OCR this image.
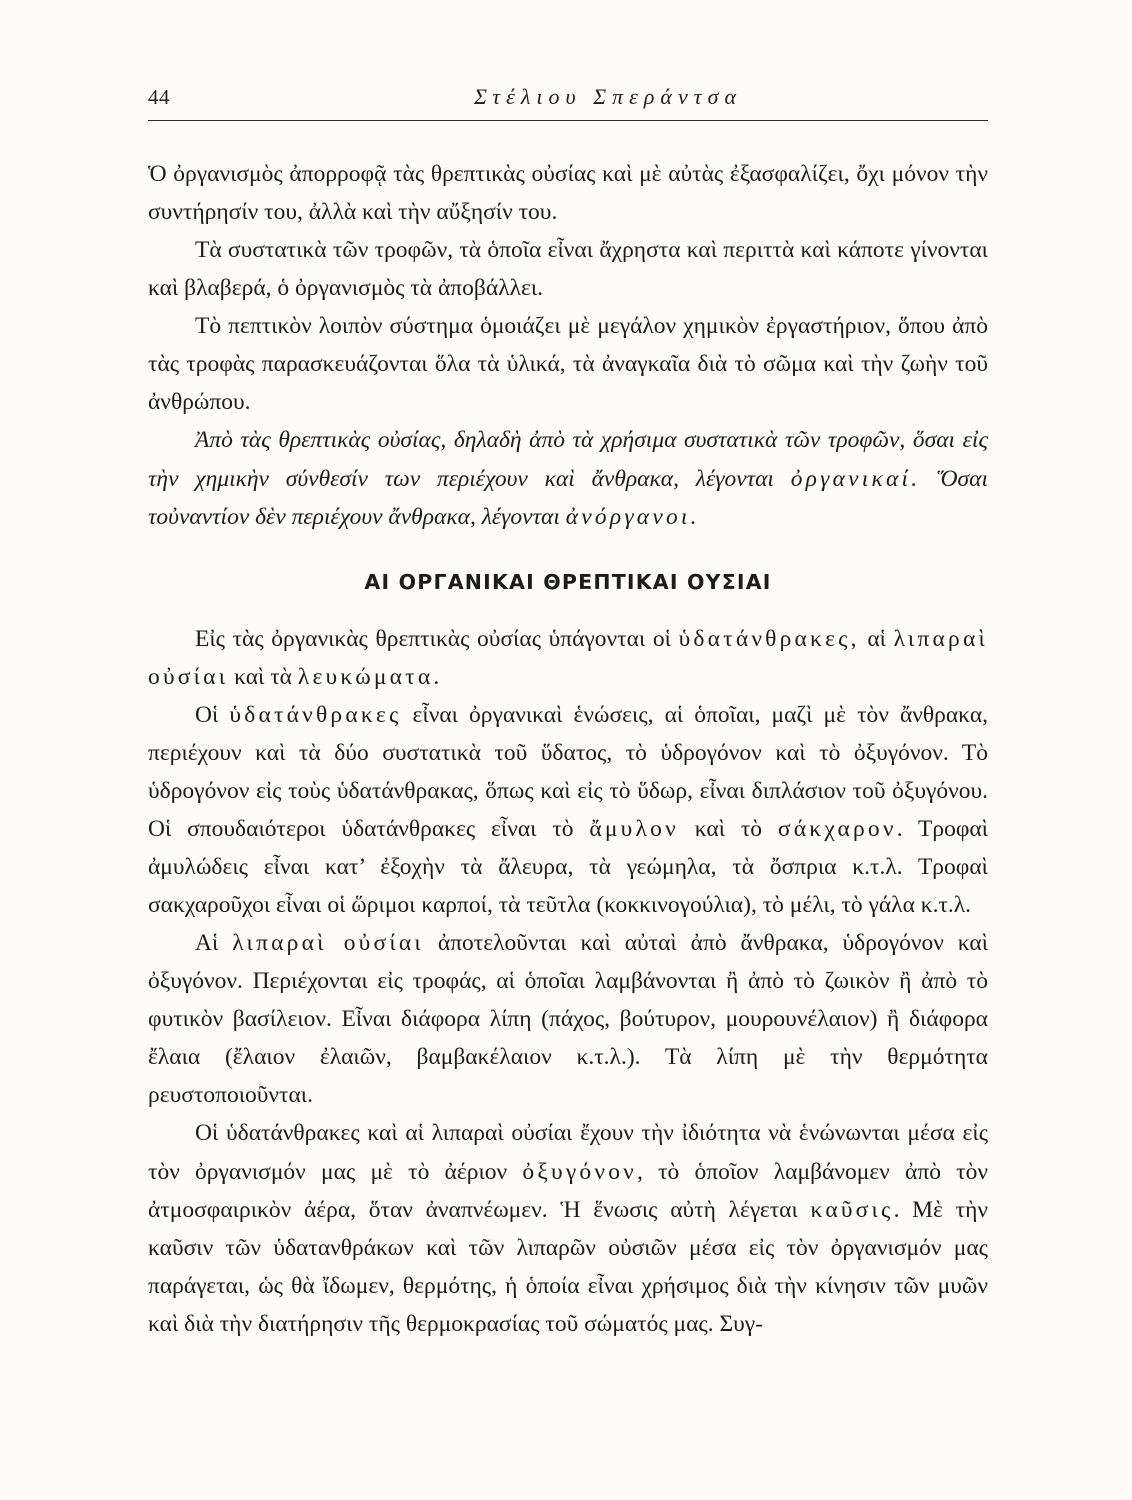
44	Στέλιου Σπεράντσα

Ὁ ὀργανισμὸς ἀπορροφᾷ τὰς θρεπτικὰς οὐσίας καὶ μὲ αὐτὰς ἐξασφαλίζει, ὄχι μόνον τὴν συντήρησίν του, ἀλλὰ καὶ τὴν αὔξησίν του.

Τὰ συστατικὰ τῶν τροφῶν, τὰ ὁποῖα εἶναι ἄχρηστα καὶ περιττὰ καὶ κάποτε γίνονται καὶ βλαβερά, ὁ ὀργανισμὸς τὰ ἀποβάλλει.

Τὸ πεπτικὸν λοιπὸν σύστημα ὁμοιάζει μὲ μεγάλον χημικὸν ἐργαστήριον, ὅπου ἀπὸ τὰς τροφὰς παρασκευάζονται ὅλα τὰ ὑλικά, τὰ ἀναγκαῖα διὰ τὸ σῶμα καὶ τὴν ζωὴν τοῦ ἀνθρώπου.

Ἀπὸ τὰς θρεπτικὰς οὐσίας, δηλαδὴ ἀπὸ τὰ χρήσιμα συστατικὰ τῶν τροφῶν, ὅσαι εἰς τὴν χημικὴν σύνθεσίν των περιέχουν καὶ ἄνθρακα, λέγονται ὀργανικαί. Ὅσαι τοὐναντίον δὲν περιέχουν ἄνθρακα, λέγονται ἀνόργανοι.

ΑΙ ΟΡΓΑΝΙΚΑΙ ΘΡΕΠΤΙΚΑΙ ΟΥΣΙΑΙ

Εἰς τὰς ὀργανικὰς θρεπτικὰς οὐσίας ὑπάγονται οἱ ὑδατάνθρακες, αἱ λιπαραὶ οὐσίαι καὶ τὰ λευκώματα.

Οἱ ὑδατάνθρακες εἶναι ὀργανικαὶ ἑνώσεις, αἱ ὁποῖαι, μαζὶ μὲ τὸν ἄνθρακα, περιέχουν καὶ τὰ δύο συστατικὰ τοῦ ὕδατος, τὸ ὑδρογόνον καὶ τὸ ὀξυγόνον. Τὸ ὑδρογόνον εἰς τοὺς ὑδατάνθρακας, ὅπως καὶ εἰς τὸ ὕδωρ, εἶναι διπλάσιον τοῦ ὀξυγόνου. Οἱ σπουδαιότεροι ὑδατάνθρακες εἶναι τὸ ἄμυλον καὶ τὸ σάκχαρον. Τροφαὶ ἀμυλώδεις εἶναι κατ’ ἐξοχὴν τὰ ἄλευρα, τὰ γεώμηλα, τὰ ὄσπρια κ.τ.λ. Τροφαὶ σακχαροῦχοι εἶναι οἱ ὥριμοι καρποί, τὰ τεῦτλα (κοκκινογούλια), τὸ μέλι, τὸ γάλα κ.τ.λ.

Αἱ λιπαραὶ οὐσίαι ἀποτελοῦνται καὶ αὐταὶ ἀπὸ ἄνθρακα, ὑδρογόνον καὶ ὀξυγόνον. Περιέχονται εἰς τροφάς, αἱ ὁποῖαι λαμβάνονται ἢ ἀπὸ τὸ ζωικὸν ἢ ἀπὸ τὸ φυτικὸν βασίλειον. Εἶναι διάφορα λίπη (πάχος, βούτυρον, μουρουνέλαιον) ἢ διάφορα ἔλαια (ἔλαιον ἐλαιῶν, βαμβακέλαιον κ.τ.λ.). Τὰ λίπη μὲ τὴν θερμότητα ρευστοποιοῦνται.

Οἱ ὑδατάνθρακες καὶ αἱ λιπαραὶ οὐσίαι ἔχουν τὴν ἰδιότητα νὰ ἑνώνωνται μέσα εἰς τὸν ὀργανισμόν μας μὲ τὸ ἀέριον ὀξυγόνον, τὸ ὁποῖον λαμβάνομεν ἀπὸ τὸν ἀτμοσφαιρικὸν ἀέρα, ὅταν ἀναπνέωμεν. Ἡ ἕνωσις αὐτὴ λέγεται καῦσις. Μὲ τὴν καῦσιν τῶν ὑδατανθράκων καὶ τῶν λιπαρῶν οὐσιῶν μέσα εἰς τὸν ὀργανισμόν μας παράγεται, ὡς θὰ ἴδωμεν, θερμότης, ἡ ὁποία εἶναι χρήσιμος διὰ τὴν κίνησιν τῶν μυῶν καὶ διὰ τὴν διατήρησιν τῆς θερμοκρασίας τοῦ σώματός μας. Συγ-
